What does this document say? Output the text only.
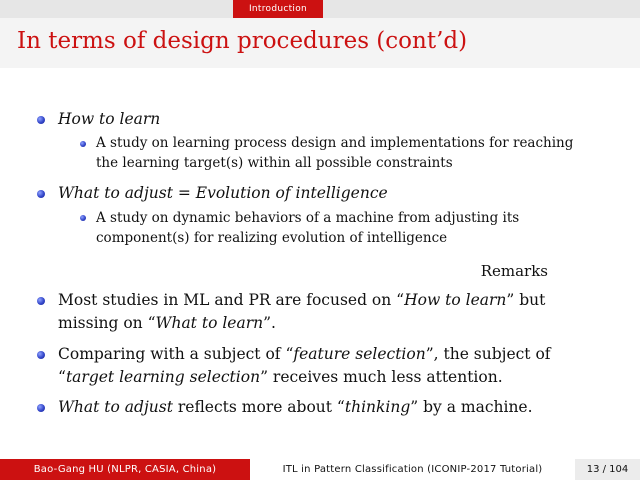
Introduction
In terms of design procedures (cont’d)
How to learn
A study on learning process design and implementations for reaching the learning target(s) within all possible constraints
What to adjust = Evolution of intelligence
A study on dynamic behaviors of a machine from adjusting its component(s) for realizing evolution of intelligence
Remarks
Most studies in ML and PR are focused on “How to learn” but missing on “What to learn”.
Comparing with a subject of “feature selection”, the subject of “target learning selection” receives much less attention.
What to adjust reflects more about “thinking” by a machine.
Bao-Gang HU (NLPR, CASIA, China)	ITL in Pattern Classification (ICONIP-2017 Tutorial)	13 / 104
